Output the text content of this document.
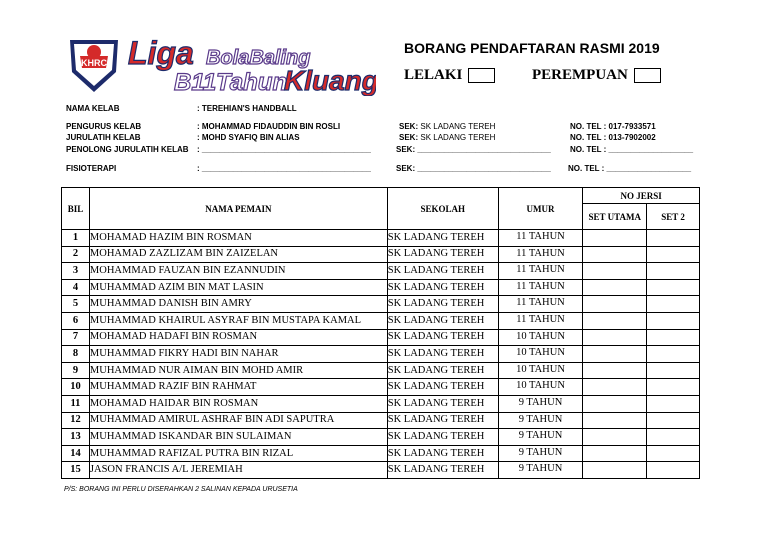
KHRC Liga BolaBaling
B11 Tahun
Kluang
BORANG PENDAFTARAN RASMI 2019
LELAKI	PEREMPUAN
NAMA KELAB	: TEREHIAN'S HANDBALL
PENGURUS KELAB	: MOHAMMAD FIDAUDDIN BIN ROSLI	SEK: SK LADANG TEREH	NO. TEL : 017-7933571
JURULATIH KELAB	: MOHD SYAFIQ BIN ALIAS	SEK: SK LADANG TEREH	NO. TEL : 013-7902002
PENOLONG JURULATIH KELAB : ______________________________________	SEK: ______________________________ NO. TEL : ___________________
FISIOTERAPI	: ______________________________________	SEK: ______________________________ NO. TEL : ___________________
BIL	NAMA PEMAIN	SEKOLAH	UMUR	NO JERSI	
				SET UTAMA	SET 2
1	MOHAMAD HAZIM BIN ROSMAN	SK LADANG TEREH	11 TAHUN		
2	MOHAMAD ZAZLIZAM BIN ZAIZELAN	SK LADANG TEREH	11 TAHUN		
3	MOHAMMAD FAUZAN BIN EZANNUDIN	SK LADANG TEREH	11 TAHUN		
4	MUHAMMAD AZIM BIN MAT LASIN	SK LADANG TEREH	11 TAHUN		
5	MUHAMMAD DANISH BIN AMRY	SK LADANG TEREH	11 TAHUN		
6	MUHAMMAD KHAIRUL ASYRAF BIN MUSTAPA KAMAL	SK LADANG TEREH	11 TAHUN		
7	MOHAMAD HADAFI BIN ROSMAN	SK LADANG TEREH	10 TAHUN		
8	MUHAMMAD FIKRY HADI BIN NAHAR	SK LADANG TEREH	10 TAHUN		
9	MUHAMMAD NUR AIMAN BIN MOHD AMIR	SK LADANG TEREH	10 TAHUN		
10	MUHAMMAD RAZIF BIN RAHMAT	SK LADANG TEREH	10 TAHUN		
11	MOHAMAD HAIDAR BIN ROSMAN	SK LADANG TEREH	9 TAHUN		
12	MUHAMMAD AMIRUL ASHRAF BIN ADI SAPUTRA	SK LADANG TEREH	9 TAHUN		
13	MUHAMMAD ISKANDAR BIN SULAIMAN	SK LADANG TEREH	9 TAHUN		
14	MUHAMMAD RAFIZAL PUTRA BIN RIZAL	SK LADANG TEREH	9 TAHUN		
15	JASON FRANCIS A/L JEREMIAH	SK LADANG TEREH	9 TAHUN		
P/S: BORANG INI PERLU DISERAHKAN 2 SALINAN KEPADA URUSETIA
